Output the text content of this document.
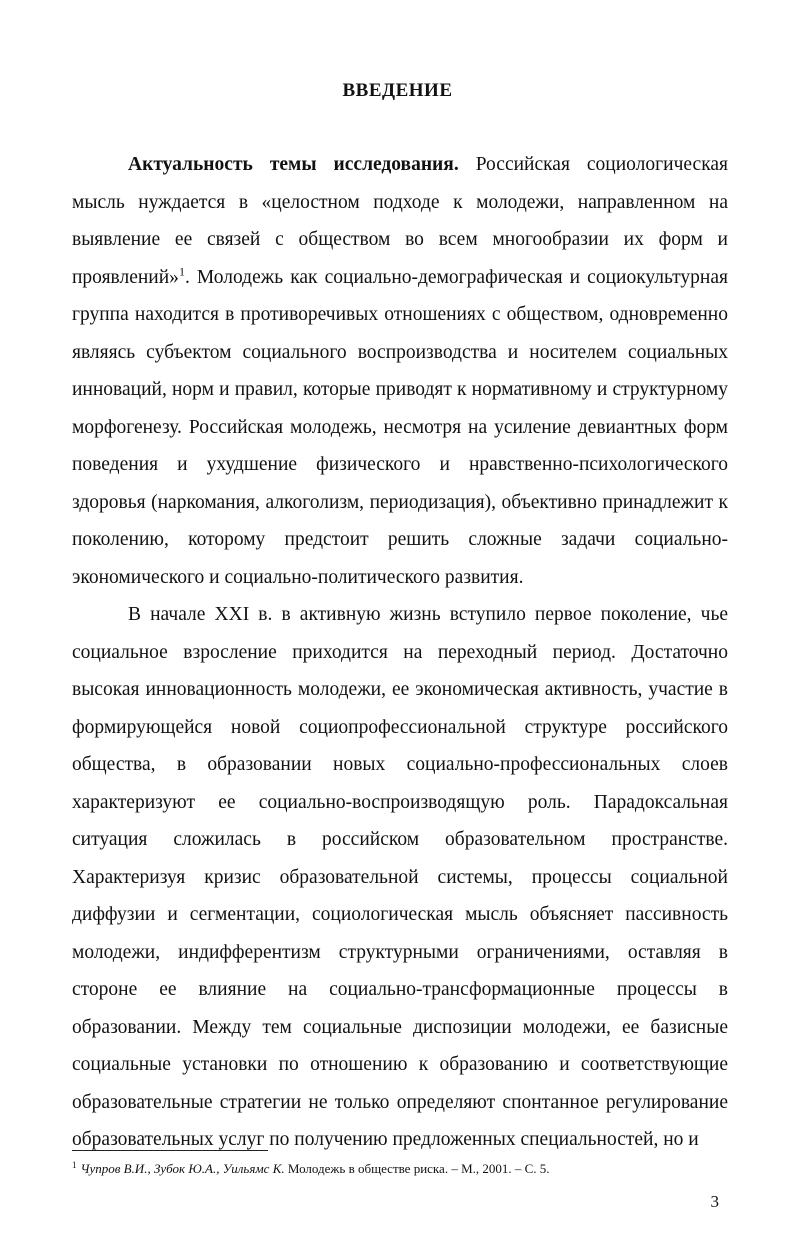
ВВЕДЕНИЕ

Актуальность темы исследования. Российская социологическая мысль нуждается в «целостном подходе к молодежи, направленном на выявление ее связей с обществом во всем многообразии их форм и проявлений»$^1$. Молодежь как социально-демографическая и социокультурная группа находится в противоречивых отношениях с обществом, одновременно являясь субъектом социального воспроизводства и носителем социальных инноваций, норм и правил, которые приводят к нормативному и структурному морфогенезу. Российская молодежь, несмотря на усиление девиантных форм поведения и ухудшение физического и нравственно-психологического здоровья (наркомания, алкоголизм, периодизация), объективно принадлежит к поколению, которому предстоит решить сложные задачи социально-экономического и социально-политического развития.

В начале XXI в. в активную жизнь вступило первое поколение, чье социальное взросление приходится на переходный период. Достаточно высокая инновационность молодежи, ее экономическая активность, участие в формирующейся новой социопрофессиональной структуре российского общества, в образовании новых социально-профессиональных слоев характеризуют ее социально-воспроизводящую роль. Парадоксальная ситуация сложилась в российском образовательном пространстве. Характеризуя кризис образовательной системы, процессы социальной диффузии и сегментации, социологическая мысль объясняет пассивность молодежи, индифферентизм структурными ограничениями, оставляя в стороне ее влияние на социально-трансформационные процессы в образовании. Между тем социальные диспозиции молодежи, ее базисные социальные установки по отношению к образованию и соответствующие образовательные стратегии не только определяют спонтанное регулирование образовательных услуг по получению предложенных специальностей, но и

$^1$ Чупров В.И., Зубок Ю.А., Уильямс К. Молодежь в обществе риска. – М., 2001. – С. 5.
3
